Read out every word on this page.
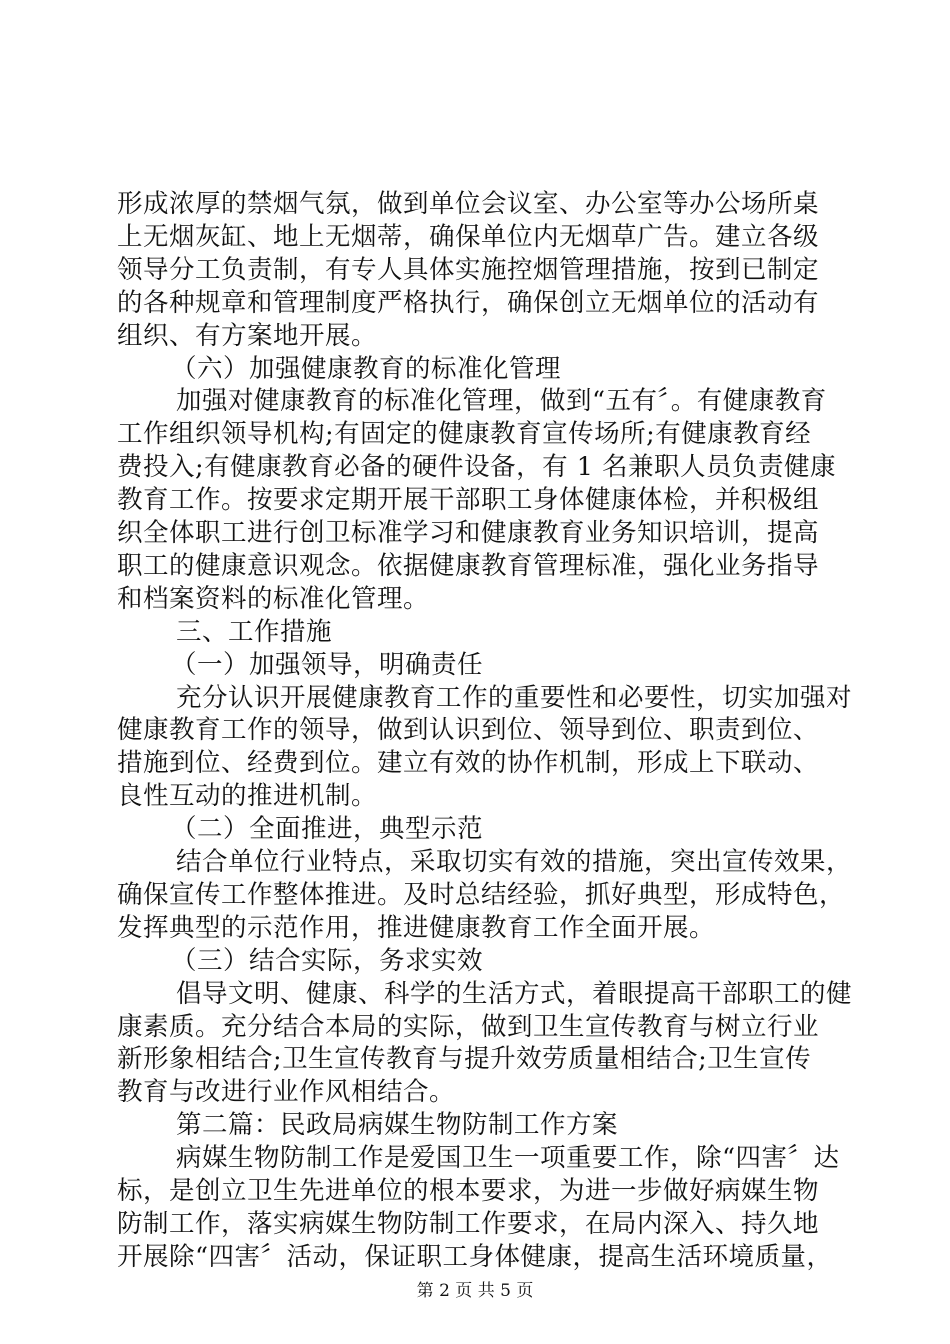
形成浓厚的禁烟气氛，做到单位会议室、办公室等办公场所桌

上无烟灰缸、地上无烟蒂，确保单位内无烟草广告。建立各级

领导分工负责制，有专人具体实施控烟管理措施，按到已制定

的各种规章和管理制度严格执行，确保创立无烟单位的活动有

组织、有方案地开展。

（六）加强健康教育的标准化管理

加强对健康教育的标准化管理，做到“五有〞。有健康教育

工作组织领导机构;有固定的健康教育宣传场所;有健康教育经

费投入;有健康教育必备的硬件设备，有 1 名兼职人员负责健康

教育工作。按要求定期开展干部职工身体健康体检，并积极组

织全体职工进行创卫标准学习和健康教育业务知识培训，提高

职工的健康意识观念。依据健康教育管理标准，强化业务指导

和档案资料的标准化管理。

三、工作措施

（一）加强领导，明确责任

充分认识开展健康教育工作的重要性和必要性，切实加强对

健康教育工作的领导，做到认识到位、领导到位、职责到位、

措施到位、经费到位。建立有效的协作机制，形成上下联动、

良性互动的推进机制。

（二）全面推进，典型示范

结合单位行业特点，采取切实有效的措施，突出宣传效果，

确保宣传工作整体推进。及时总结经验，抓好典型，形成特色，

发挥典型的示范作用，推进健康教育工作全面开展。

（三）结合实际，务求实效

倡导文明、健康、科学的生活方式，着眼提高干部职工的健

康素质。充分结合本局的实际，做到卫生宣传教育与树立行业

新形象相结合;卫生宣传教育与提升效劳质量相结合;卫生宣传

教育与改进行业作风相结合。

第二篇：民政局病媒生物防制工作方案

病媒生物防制工作是爱国卫生一项重要工作，除“四害〞达

标，是创立卫生先进单位的根本要求，为进一步做好病媒生物

防制工作，落实病媒生物防制工作要求，在局内深入、持久地

开展除“四害〞活动，保证职工身体健康，提高生活环境质量，

第 2 页 共 5 页
